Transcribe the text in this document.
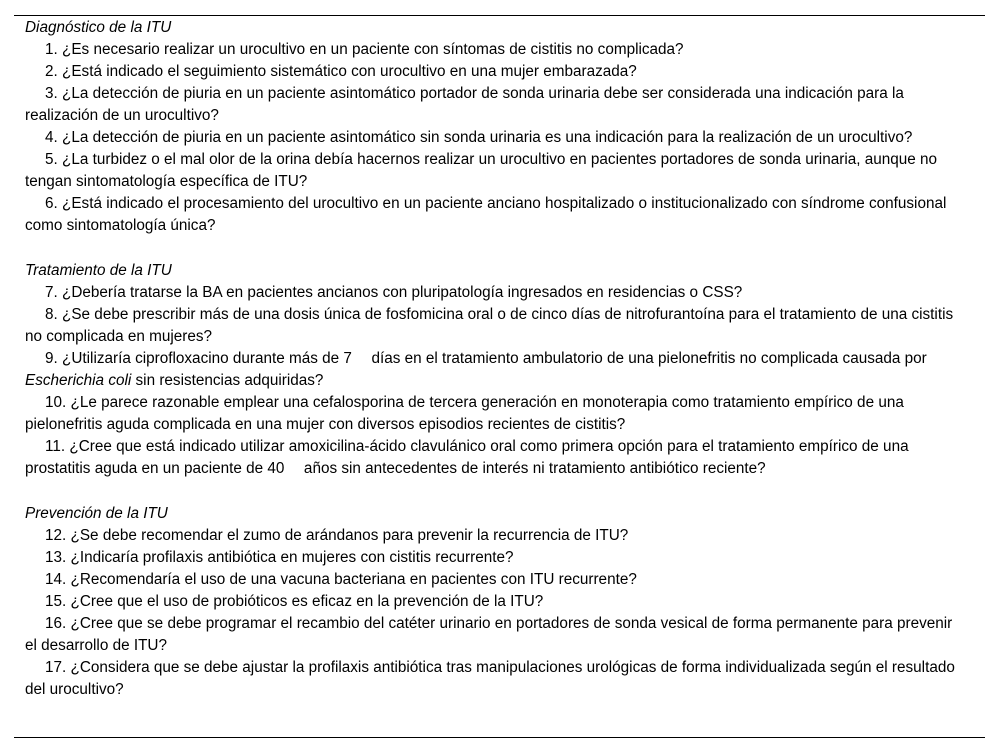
Diagnóstico de la ITU

1. ¿Es necesario realizar un urocultivo en un paciente con síntomas de cistitis no complicada?

2. ¿Está indicado el seguimiento sistemático con urocultivo en una mujer embarazada?

3. ¿La detección de piuria en un paciente asintomático portador de sonda urinaria debe ser considerada una indicación para la realización de un urocultivo?

4. ¿La detección de piuria en un paciente asintomático sin sonda urinaria es una indicación para la realización de un urocultivo?

5. ¿La turbidez o el mal olor de la orina debía hacernos realizar un urocultivo en pacientes portadores de sonda urinaria, aunque no tengan sintomatología específica de ITU?

6. ¿Está indicado el procesamiento del urocultivo en un paciente anciano hospitalizado o institucionalizado con síndrome confusional como sintomatología única?

Tratamiento de la ITU

7. ¿Debería tratarse la BA en pacientes ancianos con pluripatología ingresados en residencias o CSS?

8. ¿Se debe prescribir más de una dosis única de fosfomicina oral o de cinco días de nitrofurantoína para el tratamiento de una cistitis no complicada en mujeres?

9. ¿Utilizaría ciprofloxacino durante más de 7  días en el tratamiento ambulatorio de una pielonefritis no complicada causada por Escherichia coli sin resistencias adquiridas?

10. ¿Le parece razonable emplear una cefalosporina de tercera generación en monoterapia como tratamiento empírico de una pielonefritis aguda complicada en una mujer con diversos episodios recientes de cistitis?

11. ¿Cree que está indicado utilizar amoxicilina-ácido clavulánico oral como primera opción para el tratamiento empírico de una prostatitis aguda en un paciente de 40  años sin antecedentes de interés ni tratamiento antibiótico reciente?

Prevención de la ITU

12. ¿Se debe recomendar el zumo de arándanos para prevenir la recurrencia de ITU?

13. ¿Indicaría profilaxis antibiótica en mujeres con cistitis recurrente?

14. ¿Recomendaría el uso de una vacuna bacteriana en pacientes con ITU recurrente?

15. ¿Cree que el uso de probióticos es eficaz en la prevención de la ITU?

16. ¿Cree que se debe programar el recambio del catéter urinario en portadores de sonda vesical de forma permanente para prevenir el desarrollo de ITU?

17. ¿Considera que se debe ajustar la profilaxis antibiótica tras manipulaciones urológicas de forma individualizada según el resultado del urocultivo?
